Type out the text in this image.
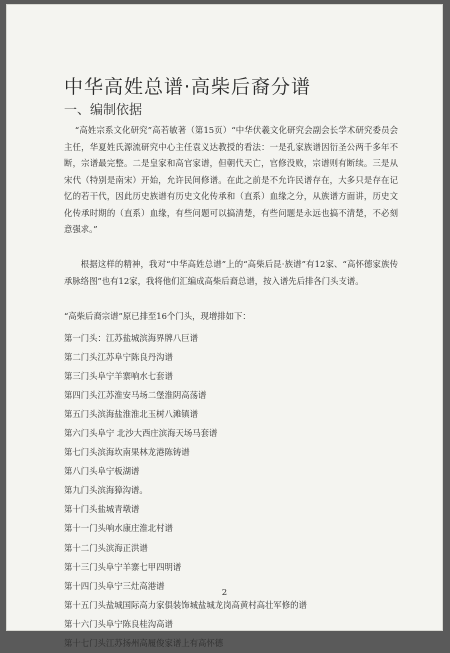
中华高姓总谱·高柴后裔分谱
一、编制依据

“高姓宗系文化研究”高若敏著（第15页）“中华伏羲文化研究会副会长学术研究委员会主任，华夏姓氏源流研究中心主任袁义达教授的看法：一是孔家族谱因衍圣公两千多年不断，宗谱最完整。二是皇家和高官家谱，但朝代天亡，官修没败，宗谱则有断续。三是从宋代（特别是南宋）开始，允许民间修谱。在此之前是不允许民谱存在，大多只是存在记忆的若干代，因此历史族谱有历史文化传承和（直系）血缘之分，从族谱方面讲，历史文化传承时期的（直系）血缘，有些问题可以搞清楚，有些问题是永远也搞不清楚，不必刻意强求。”

根据这样的精神，我对“中华高姓总谱”上的“高柴后昆·族谱”有12家、“高怀德家族传承脉络图”也有12家，我将他们汇编成高柴后裔总谱，按入谱先后排各门头支谱。

“高柴后裔宗谱”原已排至16个门头，现增排如下：

第一门头：江苏盐城滨海界牌八巨谱
第二门头江苏阜宁陈良丹沟谱
第三门头阜宁羊寨响水七套谱
第四门头江苏淮安马场二堡淮阴高荡谱
第五门头滨海盐淮淮北玉树八滩镇谱
第六门头阜宁 北沙大西庄滨海天场马套谱
第七门头滨海坎南果林龙港陈铸谱
第八门头阜宁板湖谱
第九门头滨海獐沟谱。
第十门头盐城青墩谱
第十一门头响水康庄淮北村谱
第十二门头滨海正洪谱
第十三门头阜宁羊寨七甲四明谱
第十四门头阜宁三灶高港谱
第十五门头盐城国际高力家俱装饰城盐城龙岗高黄村高壮军修的谱
第十六门头阜宁陈良桂沟高谱
第十七门头江苏扬州高履俊家谱上有高怀德
2
